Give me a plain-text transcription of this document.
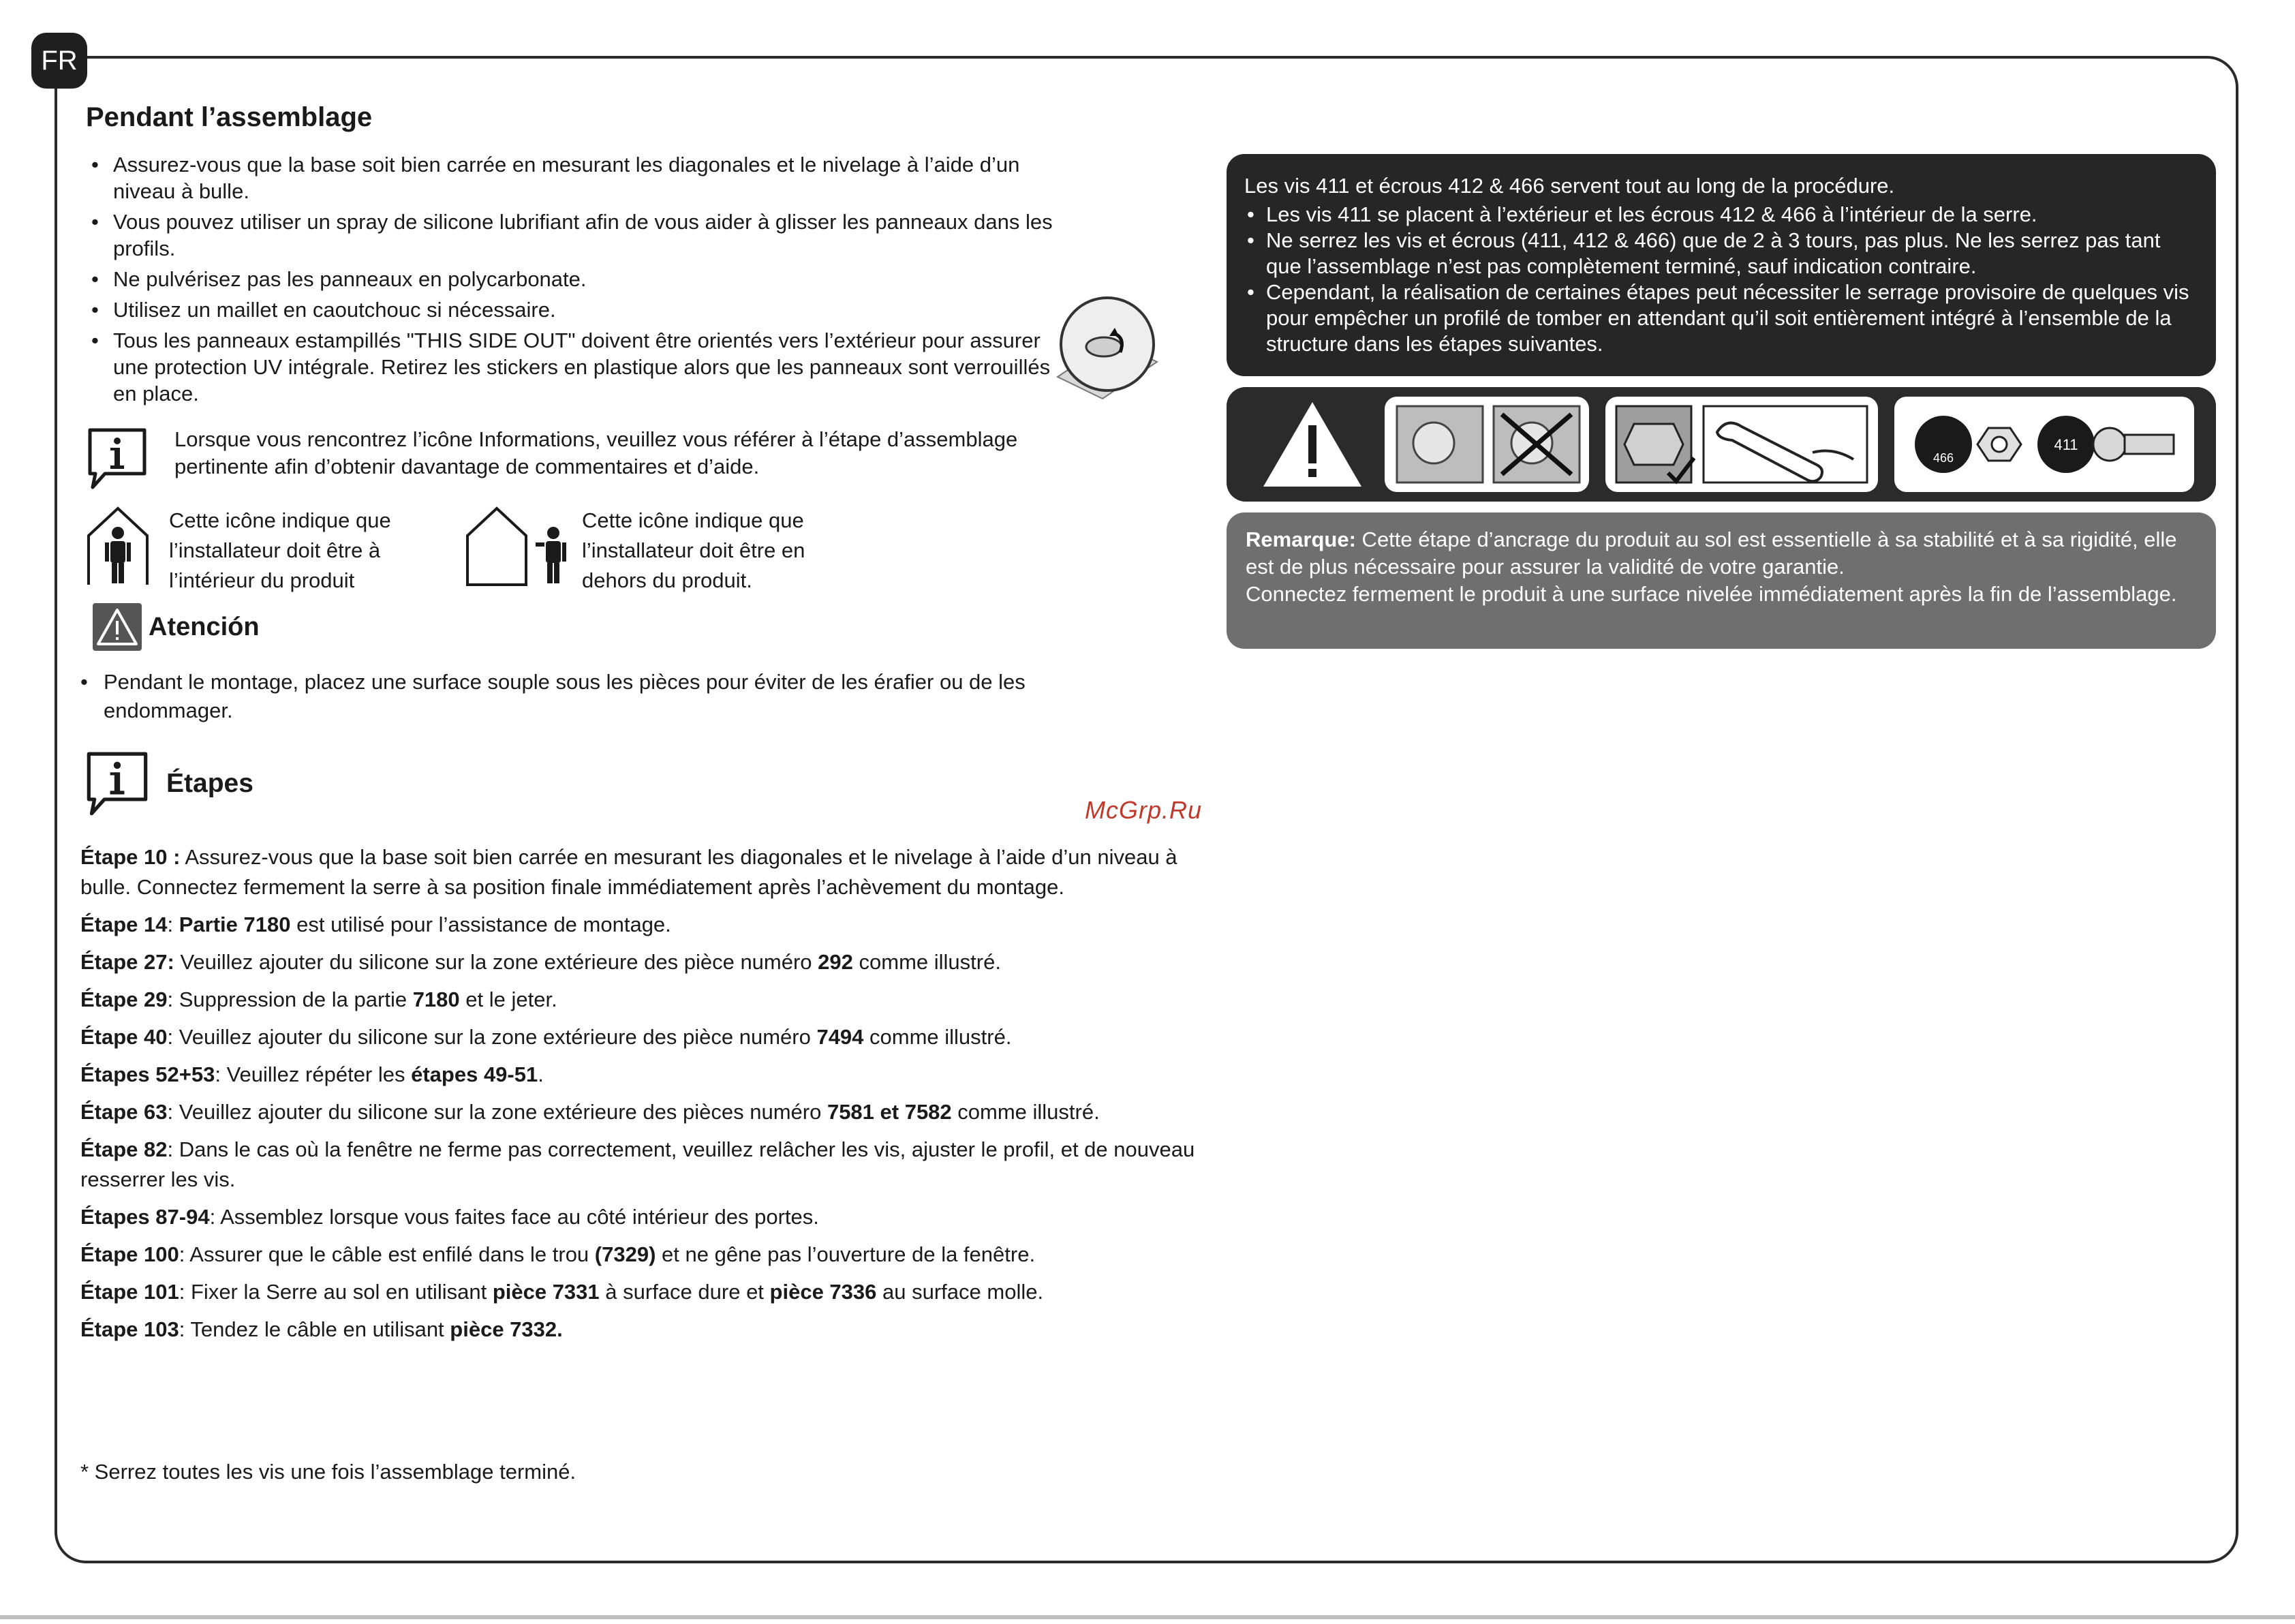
FR
Pendant l’assemblage
• Assurez-vous que la base soit bien carrée en mesurant les diagonales et le nivelage à l’aide d’un niveau à bulle.
• Vous pouvez utiliser un spray de silicone lubrifiant afin de vous aider à glisser les panneaux dans les profils.
• Ne pulvérisez pas les panneaux en polycarbonate.
• Utilisez un maillet en caoutchouc si nécessaire.
• Tous les panneaux estampillés "THIS SIDE OUT" doivent être orientés vers l’extérieur pour assurer une protection UV intégrale. Retirez les stickers en plastique alors que les panneaux sont verrouillés en place.
Lorsque vous rencontrez l’icône Informations, veuillez vous référer à l’étape d’assemblage pertinente afin d’obtenir davantage de commentaires et d’aide.
Cette icône indique que l’installateur doit être à l’intérieur du produit
Cette icône indique que l’installateur doit être en dehors du produit.
Atención
• Pendant le montage, placez une surface souple sous les pièces pour éviter de les érafier ou de les endommager.
Étapes
McGrp.Ru

Étape 10 : Assurez-vous que la base soit bien carrée en mesurant les diagonales et le nivelage à l’aide d’un niveau à bulle. Connectez fermement la serre à sa position finale immédiatement après l’achèvement du montage.

Étape 14: Partie 7180 est utilisé pour l’assistance de montage.

Étape 27: Veuillez ajouter du silicone sur la zone extérieure des pièce numéro 292 comme illustré.

Étape 29: Suppression de la partie 7180 et le jeter.

Étape 40: Veuillez ajouter du silicone sur la zone extérieure des pièce numéro 7494 comme illustré.

Étapes 52+53: Veuillez répéter les étapes 49-51.

Étape 63: Veuillez ajouter du silicone sur la zone extérieure des pièces numéro 7581 et 7582 comme illustré.

Étape 82: Dans le cas où la fenêtre ne ferme pas correctement, veuillez relâcher les vis, ajuster le profil, et de nouveau resserrer les vis.

Étapes 87-94: Assemblez lorsque vous faites face au côté intérieur des portes.

Étape 100: Assurer que le câble est enfilé dans le trou (7329) et ne gêne pas l’ouverture de la fenêtre.

Étape 101: Fixer la Serre au sol en utilisant pièce 7331 à surface dure et pièce 7336 au surface molle.

Étape 103: Tendez le câble en utilisant pièce 7332.

* Serrez toutes les vis une fois l’assemblage terminé.
Les vis 411 et écrous 412 & 466 servent tout au long de la procédure.
• Les vis 411 se placent à l’extérieur et les écrous 412 & 466 à l’intérieur de la serre.
• Ne serrez les vis et écrous (411, 412 & 466) que de 2 à 3 tours, pas plus. Ne les serrez pas tant que l’assemblage n’est pas complètement terminé, sauf indication contraire.
• Cependant, la réalisation de certaines étapes peut nécessiter le serrage provisoire de quelques vis pour empêcher un profilé de tomber en attendant qu’il soit entièrement intégré à l’ensemble de la structure dans les étapes suivantes.
466
411
Remarque: Cette étape d’ancrage du produit au sol est essentielle à sa stabilité et à sa rigidité, elle est de plus nécessaire pour assurer la validité de votre garantie.
Connectez fermement le produit à une surface nivelée immédiatement après la fin de l’assemblage.
